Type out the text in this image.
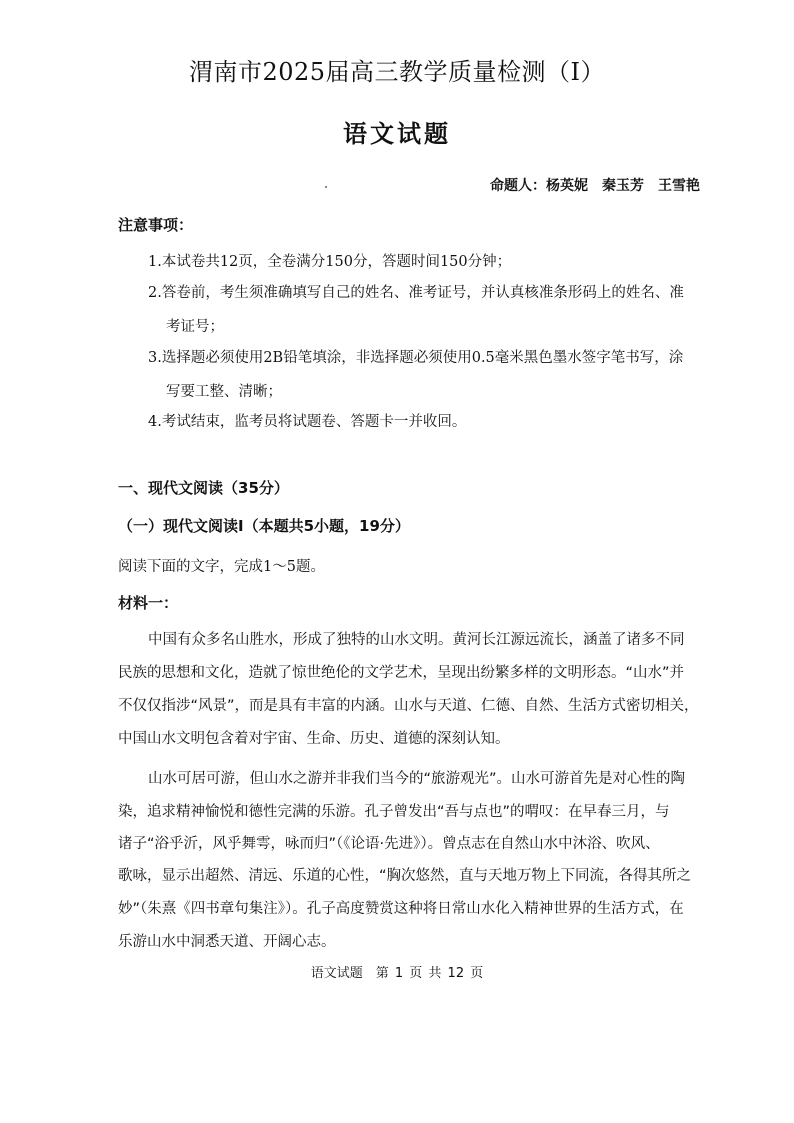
渭南市2025届高三教学质量检测（Ⅰ）
语文试题
命题人：杨英妮　秦玉芳　王雪艳
注意事项：
1.本试卷共12页，全卷满分150分，答题时间150分钟；
2.答卷前，考生须准确填写自己的姓名、准考证号，并认真核准条形码上的姓名、准
考证号；
3.选择题必须使用2B铅笔填涂，非选择题必须使用0.5毫米黑色墨水签字笔书写，涂
写要工整、清晰；
4.考试结束，监考员将试题卷、答题卡一并收回。
一、现代文阅读（35分）
（一）现代文阅读Ⅰ（本题共5小题，19分）
阅读下面的文字，完成1～5题。
材料一：
中国有众多名山胜水，形成了独特的山水文明。黄河长江源远流长，涵盖了诸多不同
民族的思想和文化，造就了惊世绝伦的文学艺术，呈现出纷繁多样的文明形态。“山水”并
不仅仅指涉“风景”，而是具有丰富的内涵。山水与天道、仁德、自然、生活方式密切相关，
中国山水文明包含着对宇宙、生命、历史、道德的深刻认知。
山水可居可游，但山水之游并非我们当今的“旅游观光”。山水可游首先是对心性的陶
染，追求精神愉悦和德性完满的乐游。孔子曾发出“吾与点也”的喟叹：在早春三月，与
诸子“浴乎沂，风乎舞雩，咏而归”（《论语·先进》）。曾点志在自然山水中沐浴、吹风、
歌咏，显示出超然、清远、乐道的心性，“胸次悠然，直与天地万物上下同流，各得其所之
妙”（朱熹《四书章句集注》）。孔子高度赞赏这种将日常山水化入精神世界的生活方式，在
乐游山水中洞悉天道、开阔心志。
语文试题　第 1 页 共 12 页
